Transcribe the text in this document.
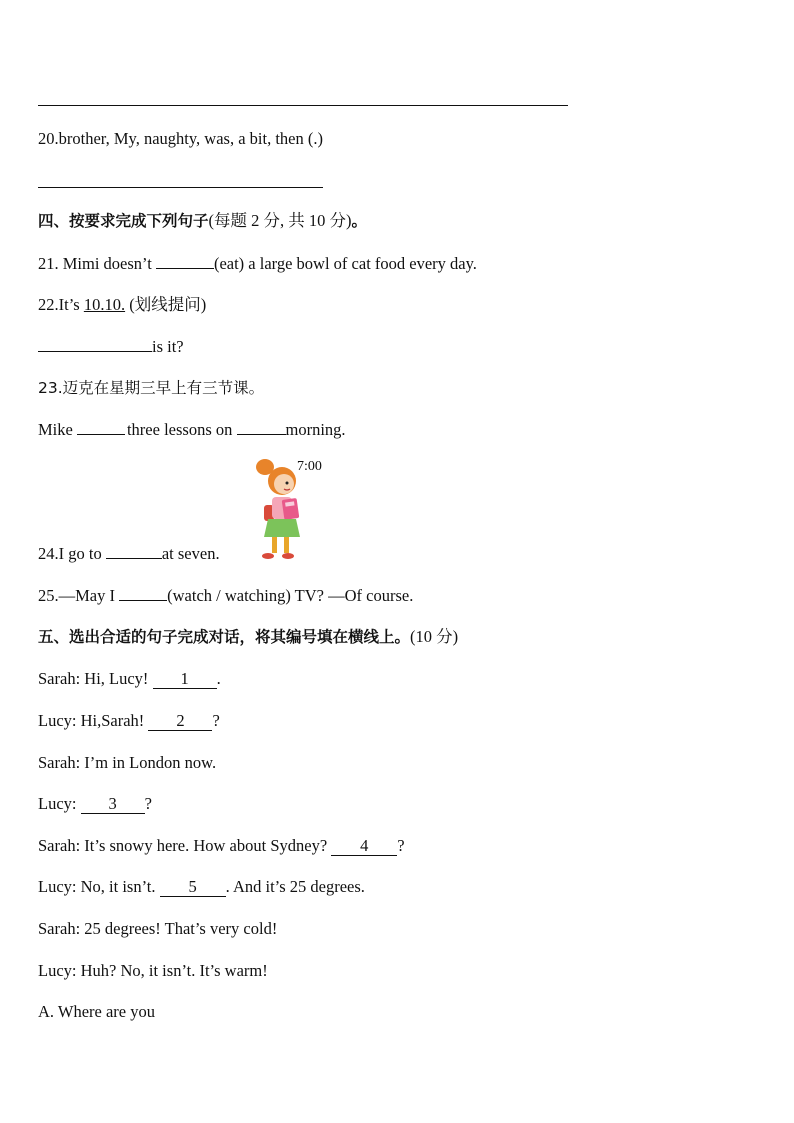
20.brother, My, naughty, was, a bit, then (.)
四、按要求完成下列句子(每题 2 分, 共 10 分)。
21. Mimi doesn’t	(eat) a large bowl of cat food every day.
22.It’s 10.10. (划线提问)
is it?
23.迈克在星期三早上有三节课。
Mike	three lessons on	morning.
7:00
24.I go to	at seven.
25.—May I	(watch / watching) TV? —Of course.
五、选出合适的句子完成对话，将其编号填在横线上。(10 分)
Sarah: Hi, Lucy! 1 .
Lucy: Hi,Sarah! 2 ?
Sarah: I’m in London now.
Lucy: 3 ?
Sarah: It’s snowy here. How about Sydney? 4 ?
Lucy: No, it isn’t. 5 . And it’s 25 degrees.
Sarah: 25 degrees! That’s very cold!
Lucy: Huh? No, it isn’t. It’s warm!
A. Where are you
